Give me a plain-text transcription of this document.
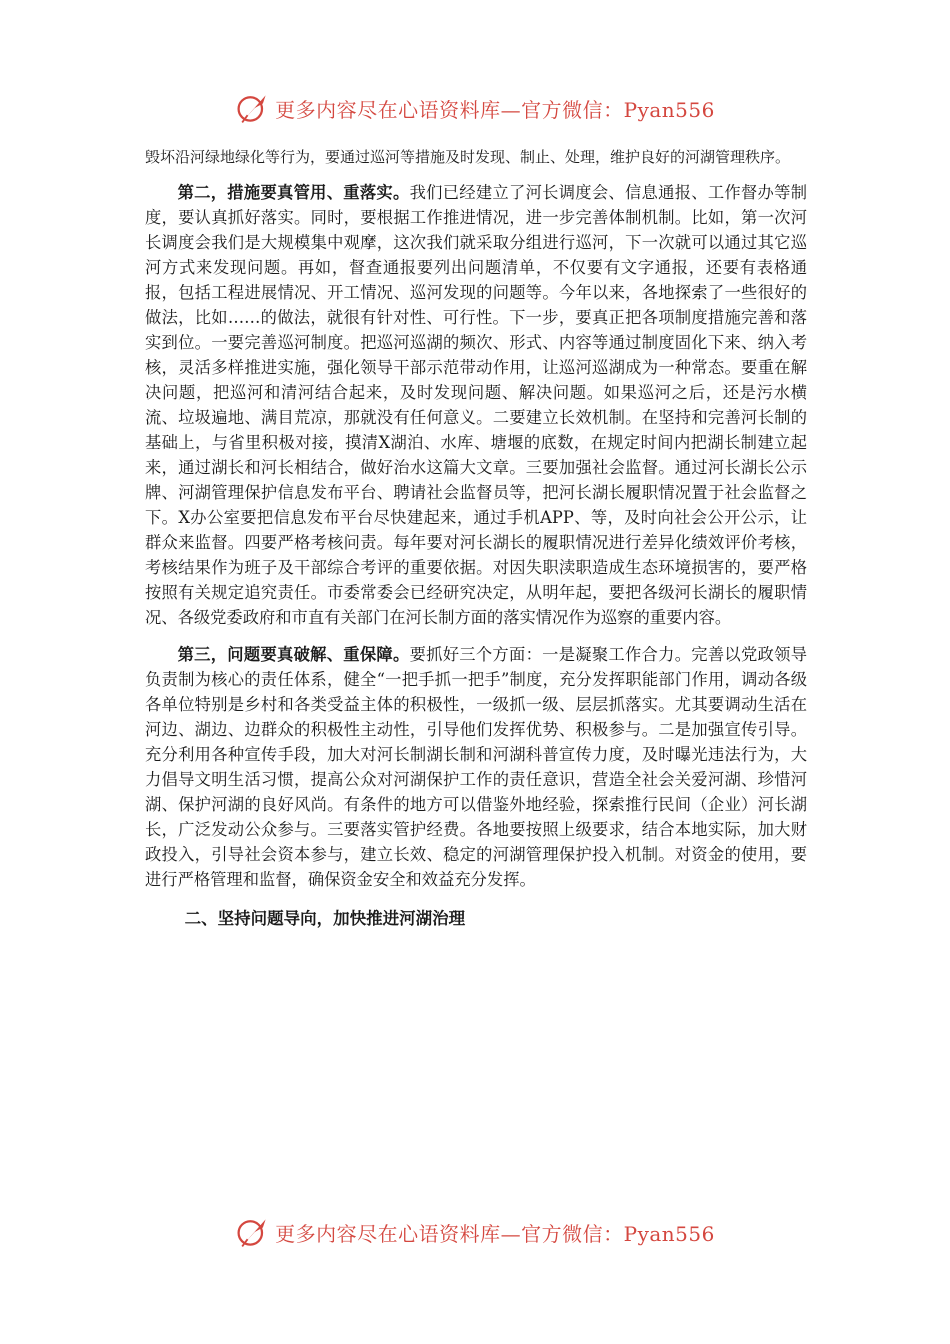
更多内容尽在心语资料库—官方微信：Pyan556

毁坏沿河绿地绿化等行为，要通过巡河等措施及时发现、制止、处理，维护良好的河湖管理秩序。

第二，措施要真管用、重落实。我们已经建立了河长调度会、信息通报、工作督办等制度，要认真抓好落实。同时，要根据工作推进情况，进一步完善体制机制。比如，第一次河长调度会我们是大规模集中观摩，这次我们就采取分组进行巡河，下一次就可以通过其它巡河方式来发现问题。再如，督查通报要列出问题清单，不仅要有文字通报，还要有表格通报，包括工程进展情况、开工情况、巡河发现的问题等。今年以来，各地探索了一些很好的做法，比如……的做法，就很有针对性、可行性。下一步，要真正把各项制度措施完善和落实到位。一要完善巡河制度。把巡河巡湖的频次、形式、内容等通过制度固化下来、纳入考核，灵活多样推进实施，强化领导干部示范带动作用，让巡河巡湖成为一种常态。要重在解决问题，把巡河和清河结合起来，及时发现问题、解决问题。如果巡河之后，还是污水横流、垃圾遍地、满目荒凉，那就没有任何意义。二要建立长效机制。在坚持和完善河长制的基础上，与省里积极对接，摸清X湖泊、水库、塘堰的底数，在规定时间内把湖长制建立起来，通过湖长和河长相结合，做好治水这篇大文章。三要加强社会监督。通过河长湖长公示牌、河湖管理保护信息发布平台、聘请社会监督员等，把河长湖长履职情况置于社会监督之下。X办公室要把信息发布平台尽快建起来，通过手机APP、等，及时向社会公开公示，让群众来监督。四要严格考核问责。每年要对河长湖长的履职情况进行差异化绩效评价考核，考核结果作为班子及干部综合考评的重要依据。对因失职渎职造成生态环境损害的，要严格按照有关规定追究责任。市委常委会已经研究决定，从明年起，要把各级河长湖长的履职情况、各级党委政府和市直有关部门在河长制方面的落实情况作为巡察的重要内容。

第三，问题要真破解、重保障。要抓好三个方面：一是凝聚工作合力。完善以党政领导负责制为核心的责任体系，健全“一把手抓一把手”制度，充分发挥职能部门作用，调动各级各单位特别是乡村和各类受益主体的积极性，一级抓一级、层层抓落实。尤其要调动生活在河边、湖边、边群众的积极性主动性，引导他们发挥优势、积极参与。二是加强宣传引导。充分利用各种宣传手段，加大对河长制湖长制和河湖科普宣传力度，及时曝光违法行为，大力倡导文明生活习惯，提高公众对河湖保护工作的责任意识，营造全社会关爱河湖、珍惜河湖、保护河湖的良好风尚。有条件的地方可以借鉴外地经验，探索推行民间（企业）河长湖长，广泛发动公众参与。三要落实管护经费。各地要按照上级要求，结合本地实际，加大财政投入，引导社会资本参与，建立长效、稳定的河湖管理保护投入机制。对资金的使用，要进行严格管理和监督，确保资金安全和效益充分发挥。

二、坚持问题导向，加快推进河湖治理

更多内容尽在心语资料库—官方微信：Pyan556
